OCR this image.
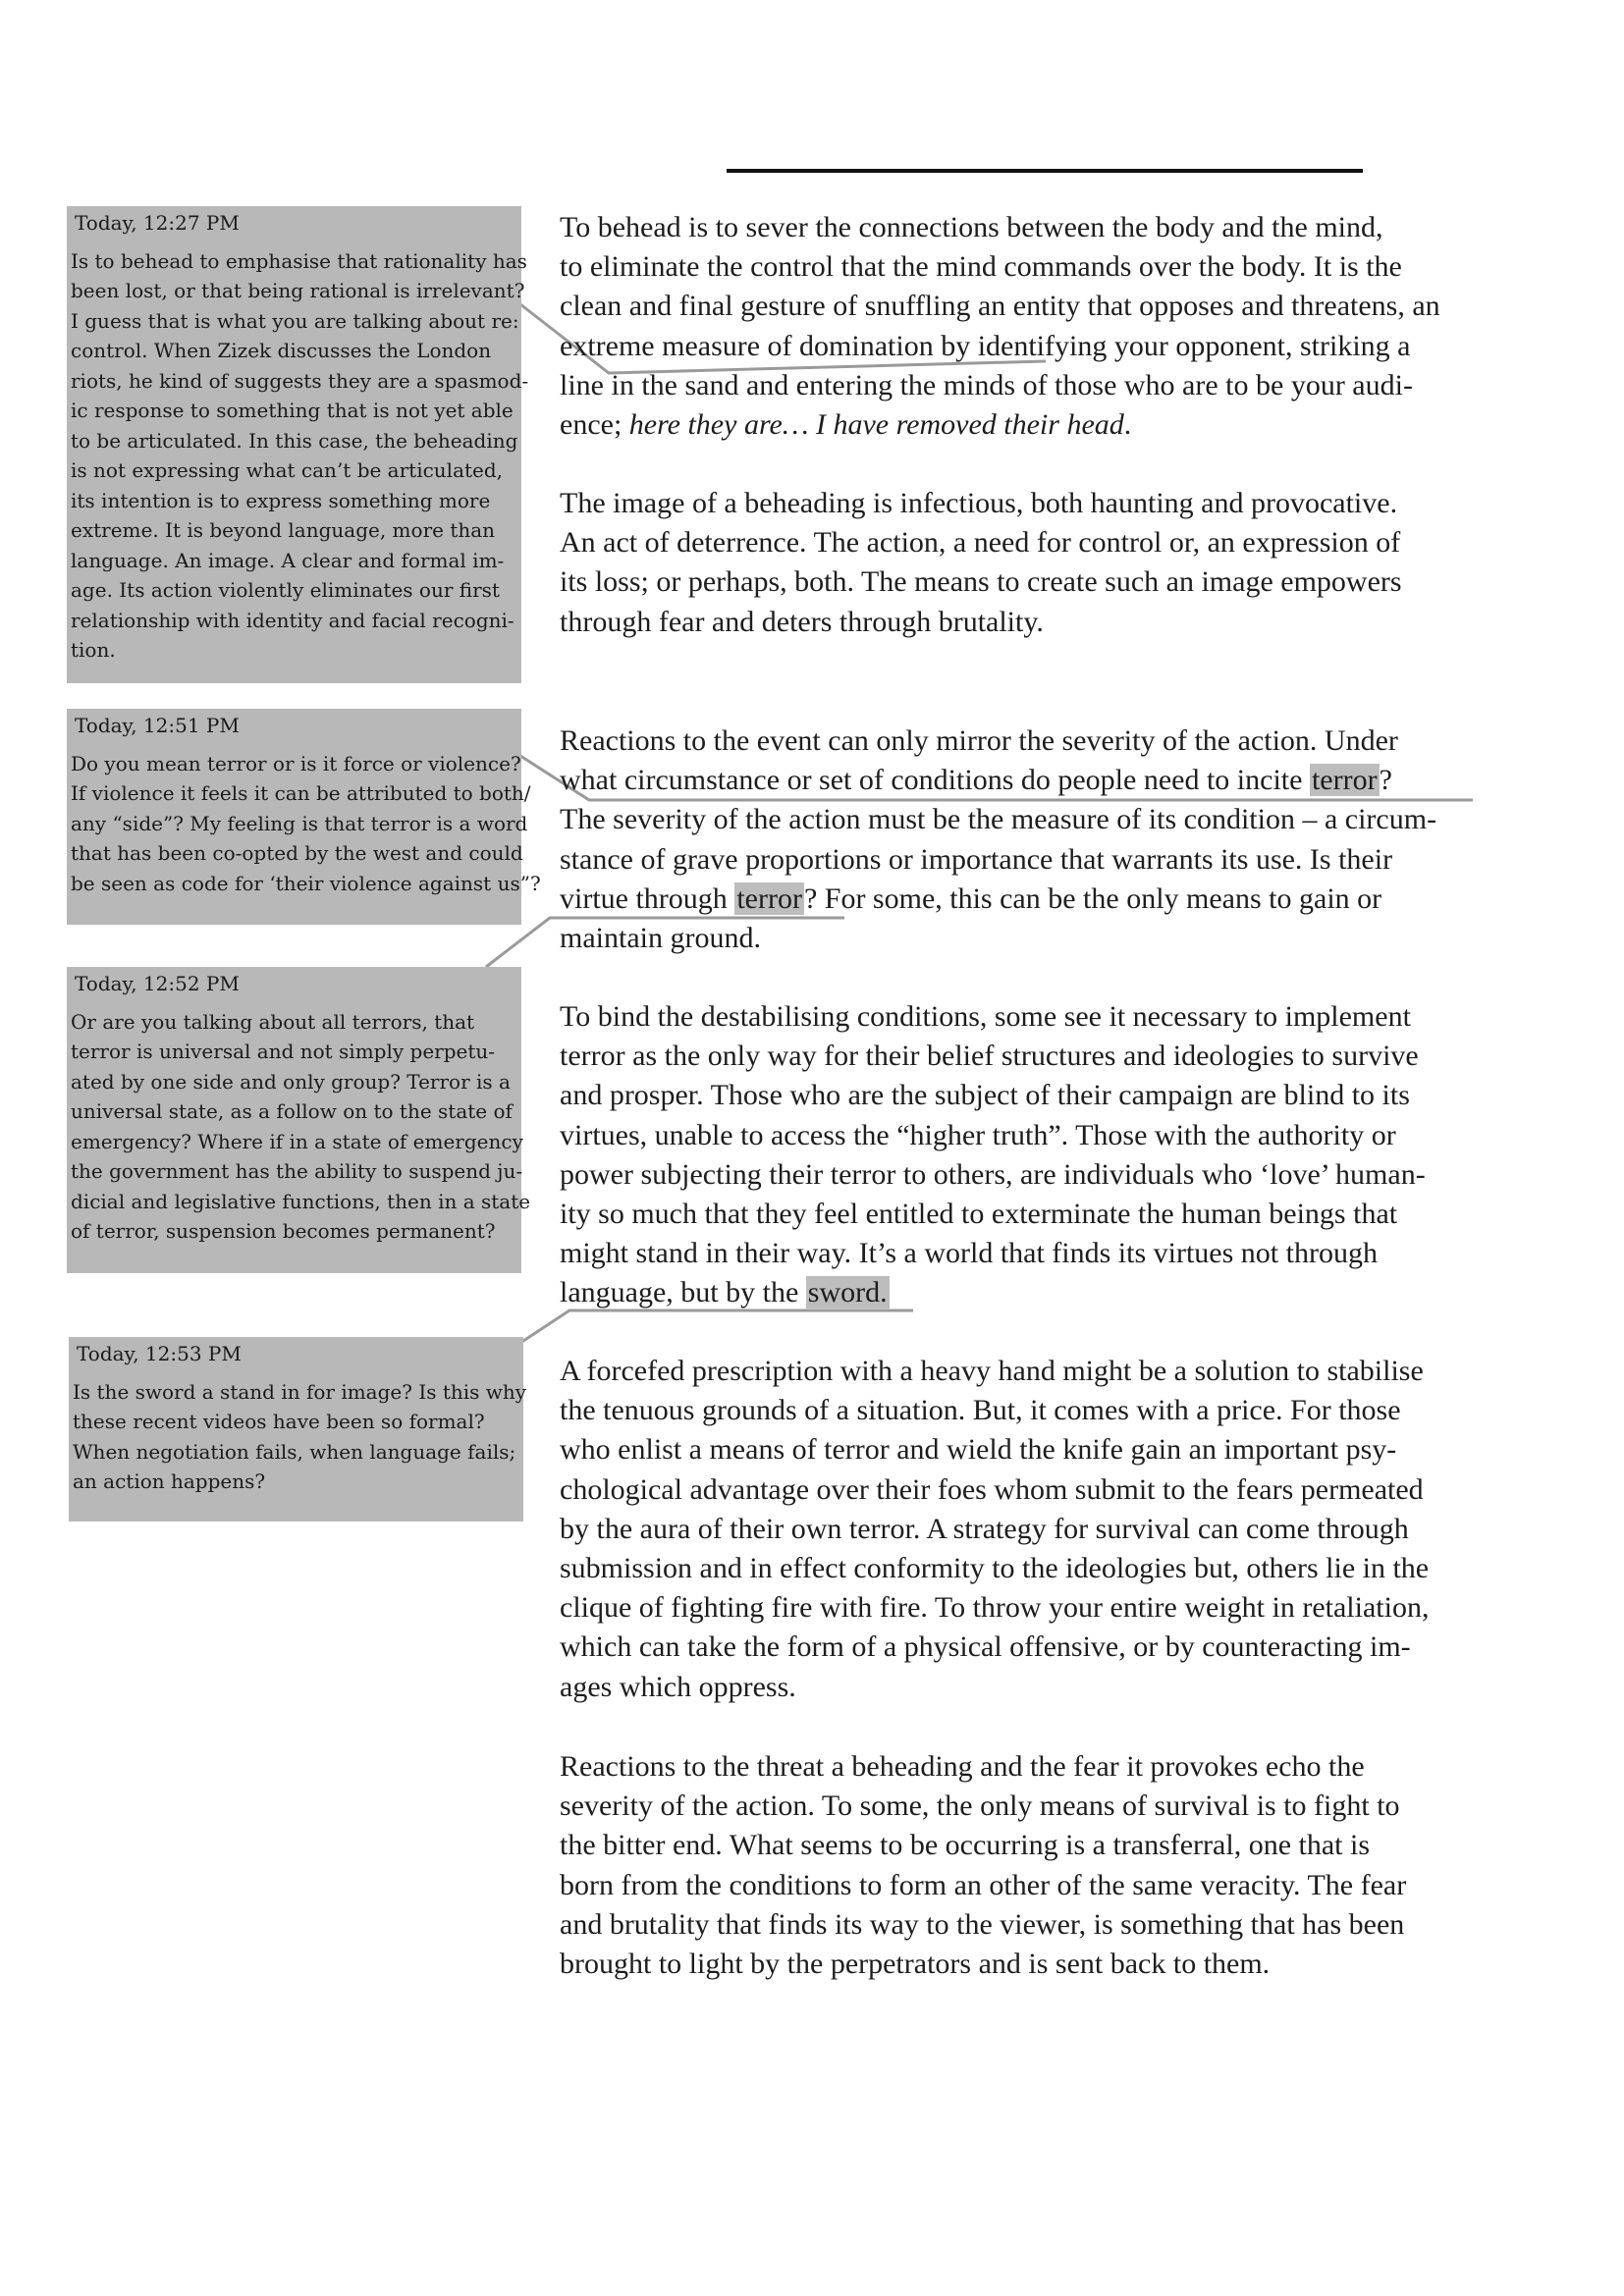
Today, 12:27 PM
Is to behead to emphasise that rationality has
been lost, or that being rational is irrelevant?
I guess that is what you are talking about re:
control. When Zizek discusses the London
riots, he kind of suggests they are a spasmod-
ic response to something that is not yet able
to be articulated. In this case, the beheading
is not expressing what can’t be articulated,
its intention is to express something more
extreme. It is beyond language, more than
language. An image. A clear and formal im-
age. Its action violently eliminates our first
relationship with identity and facial recogni-
tion.
Today, 12:51 PM
Do you mean terror or is it force or violence?
If violence it feels it can be attributed to both/
any “side”? My feeling is that terror is a word
that has been co-opted by the west and could
be seen as code for ‘their violence against us”?
Today, 12:52 PM
Or are you talking about all terrors, that
terror is universal and not simply perpetu-
ated by one side and only group? Terror is a
universal state, as a follow on to the state of
emergency? Where if in a state of emergency
the government has the ability to suspend ju-
dicial and legislative functions, then in a state
of terror, suspension becomes permanent?
Today, 12:53 PM
Is the sword a stand in for image? Is this why
these recent videos have been so formal?
When negotiation fails, when language fails;
an action happens?
To behead is to sever the connections between the body and the mind,
to eliminate the control that the mind commands over the body. It is the
clean and final gesture of snuffling an entity that opposes and threatens, an
extreme measure of domination by identifying your opponent, striking a
line in the sand and entering the minds of those who are to be your audi-
ence; here they are… I have removed their head.
The image of a beheading is infectious, both haunting and provocative.
An act of deterrence. The action, a need for control or, an expression of
its loss; or perhaps, both. The means to create such an image empowers
through fear and deters through brutality.
Reactions to the event can only mirror the severity of the action. Under
what circumstance or set of conditions do people need to incite terror?
The severity of the action must be the measure of its condition – a circum-
stance of grave proportions or importance that warrants its use. Is their
virtue through terror? For some, this can be the only means to gain or
maintain ground.
To bind the destabilising conditions, some see it necessary to implement
terror as the only way for their belief structures and ideologies to survive
and prosper. Those who are the subject of their campaign are blind to its
virtues, unable to access the “higher truth”. Those with the authority or
power subjecting their terror to others, are individuals who ‘love’ human-
ity so much that they feel entitled to exterminate the human beings that
might stand in their way. It’s a world that finds its virtues not through
language, but by the sword.
A forcefed prescription with a heavy hand might be a solution to stabilise
the tenuous grounds of a situation. But, it comes with a price. For those
who enlist a means of terror and wield the knife gain an important psy-
chological advantage over their foes whom submit to the fears permeated
by the aura of their own terror. A strategy for survival can come through
submission and in effect conformity to the ideologies but, others lie in the
clique of fighting fire with fire. To throw your entire weight in retaliation,
which can take the form of a physical offensive, or by counteracting im-
ages which oppress.
Reactions to the threat a beheading and the fear it provokes echo the
severity of the action. To some, the only means of survival is to fight to
the bitter end. What seems to be occurring is a transferral, one that is
born from the conditions to form an other of the same veracity. The fear
and brutality that finds its way to the viewer, is something that has been
brought to light by the perpetrators and is sent back to them.
